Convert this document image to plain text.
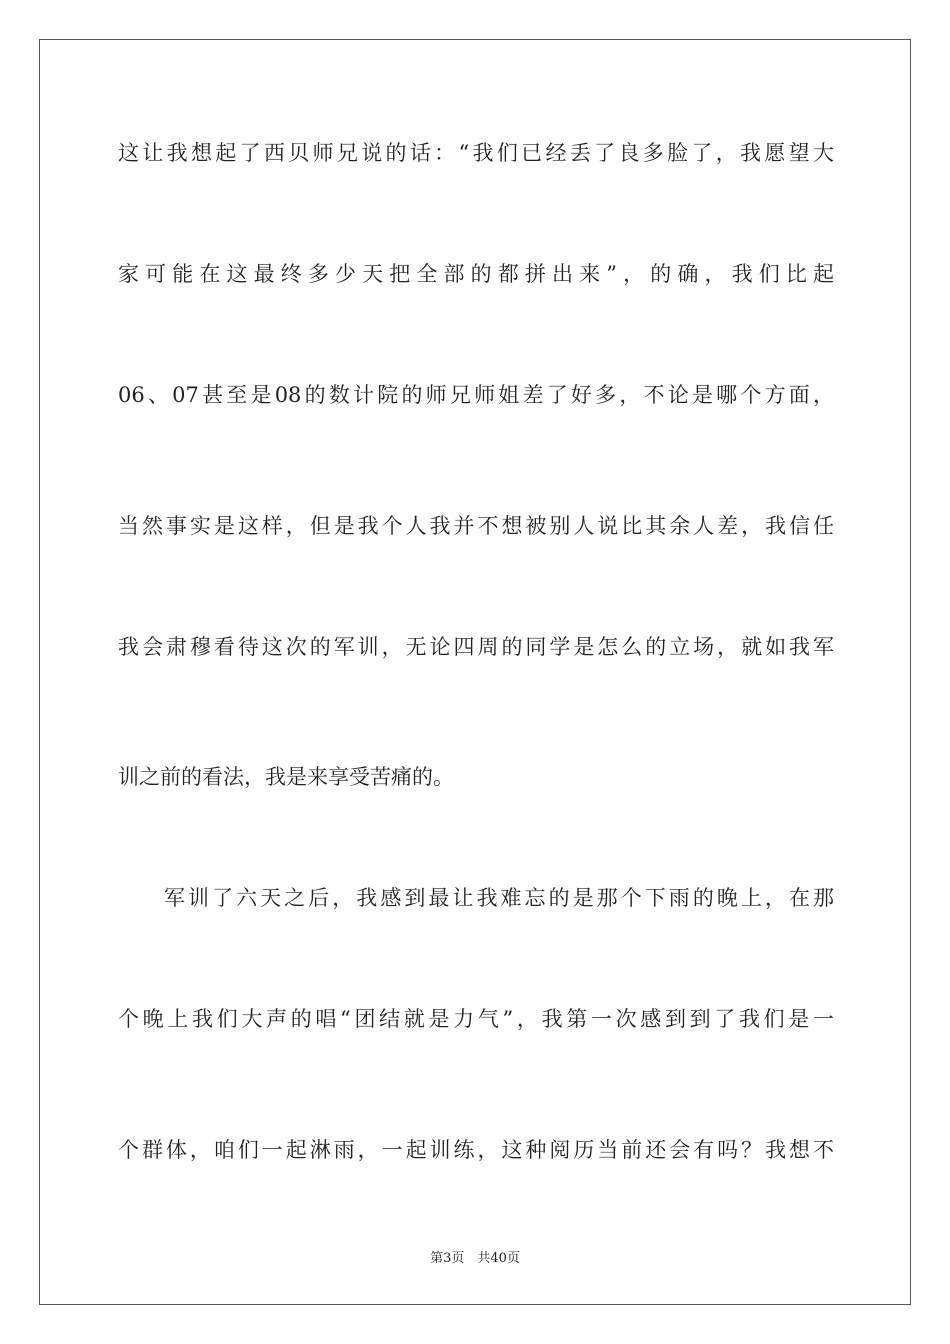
这让我想起了西贝师兄说的话：“我们已经丢了良多脸了，我愿望大
家可能在这最终多少天把全部的都拼出来”，的确，我们比起
06、07甚至是08的数计院的师兄师姐差了好多，不论是哪个方面，
当然事实是这样，但是我个人我并不想被别人说比其余人差，我信任
我会肃穆看待这次的军训，无论四周的同学是怎么的立场，就如我军
训之前的看法，我是来享受苦痛的。
军训了六天之后，我感到最让我难忘的是那个下雨的晚上，在那
个晚上我们大声的唱“团结就是力气”，我第一次感到到了我们是一
个群体，咱们一起淋雨，一起训练，这种阅历当前还会有吗？我想不
第3页　共40页
